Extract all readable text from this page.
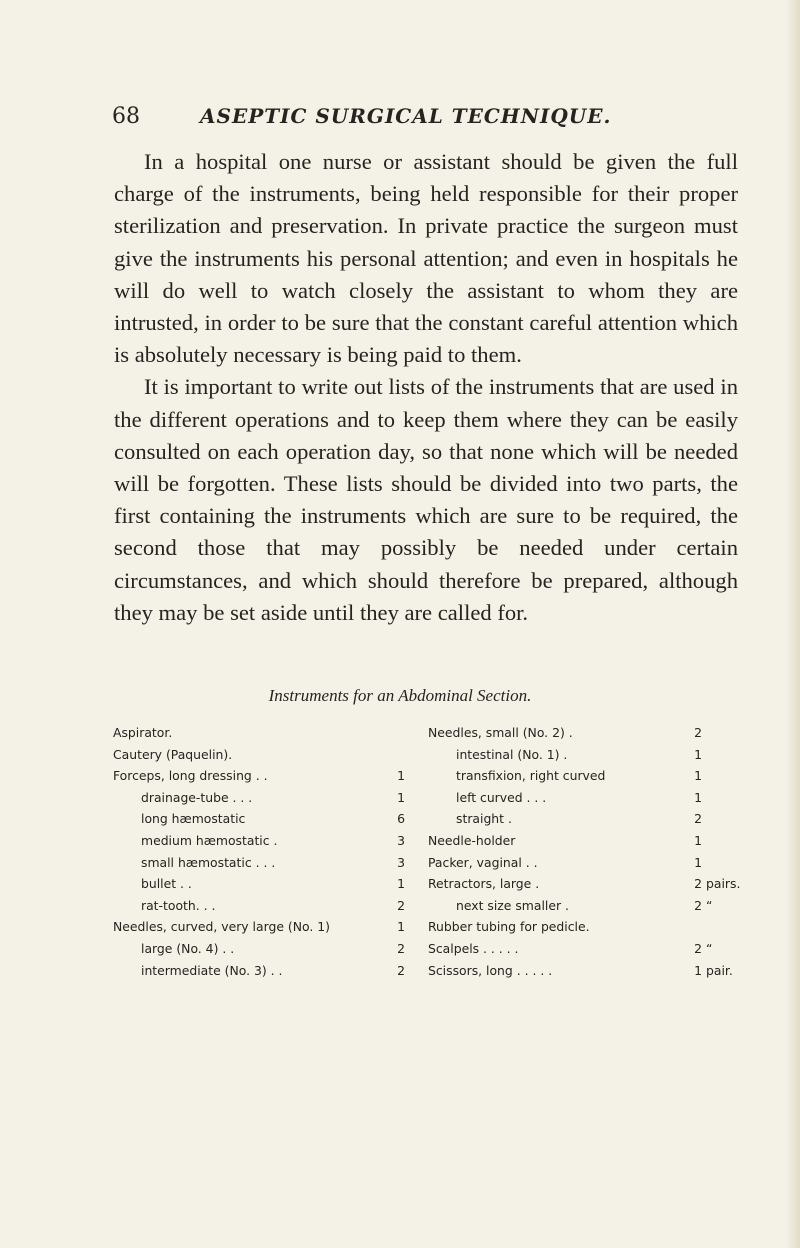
68	ASEPTIC SURGICAL TECHNIQUE.

In a hospital one nurse or assistant should be given the full charge of the instruments, being held responsible for their proper sterilization and preservation. In private practice the surgeon must give the instruments his personal attention; and even in hospitals he will do well to watch closely the assistant to whom they are intrusted, in order to be sure that the constant careful attention which is absolutely necessary is being paid to them.

It is important to write out lists of the instruments that are used in the different operations and to keep them where they can be easily consulted on each operation day, so that none which will be needed will be forgotten. These lists should be divided into two parts, the first containing the instruments which are sure to be required, the second those that may possibly be needed under certain circumstances, and which should therefore be prepared, although they may be set aside until they are called for.

Instruments for an Abdominal Section.
Aspirator.
Cautery (Paquelin).
Forceps, long dressing . .	1
drainage-tube . . .	1
long hæmostatic	6
medium hæmostatic .	3
small hæmostatic . . .	3
bullet . .	1
rat-tooth. . .	2
Needles, curved, very large (No. 1)	1
large (No. 4) . .	2
intermediate (No. 3) . .	2
Needles, small (No. 2) .	2
intestinal (No. 1) .	1
transfixion, right curved	1
left curved . . .	1
straight .	2
Needle-holder	1
Packer, vaginal . .	1
Retractors, large .	2 pairs.
next size smaller .	2 “
Rubber tubing for pedicle.
Scalpels . . . . .	2 “
Scissors, long . . . . .	1 pair.
